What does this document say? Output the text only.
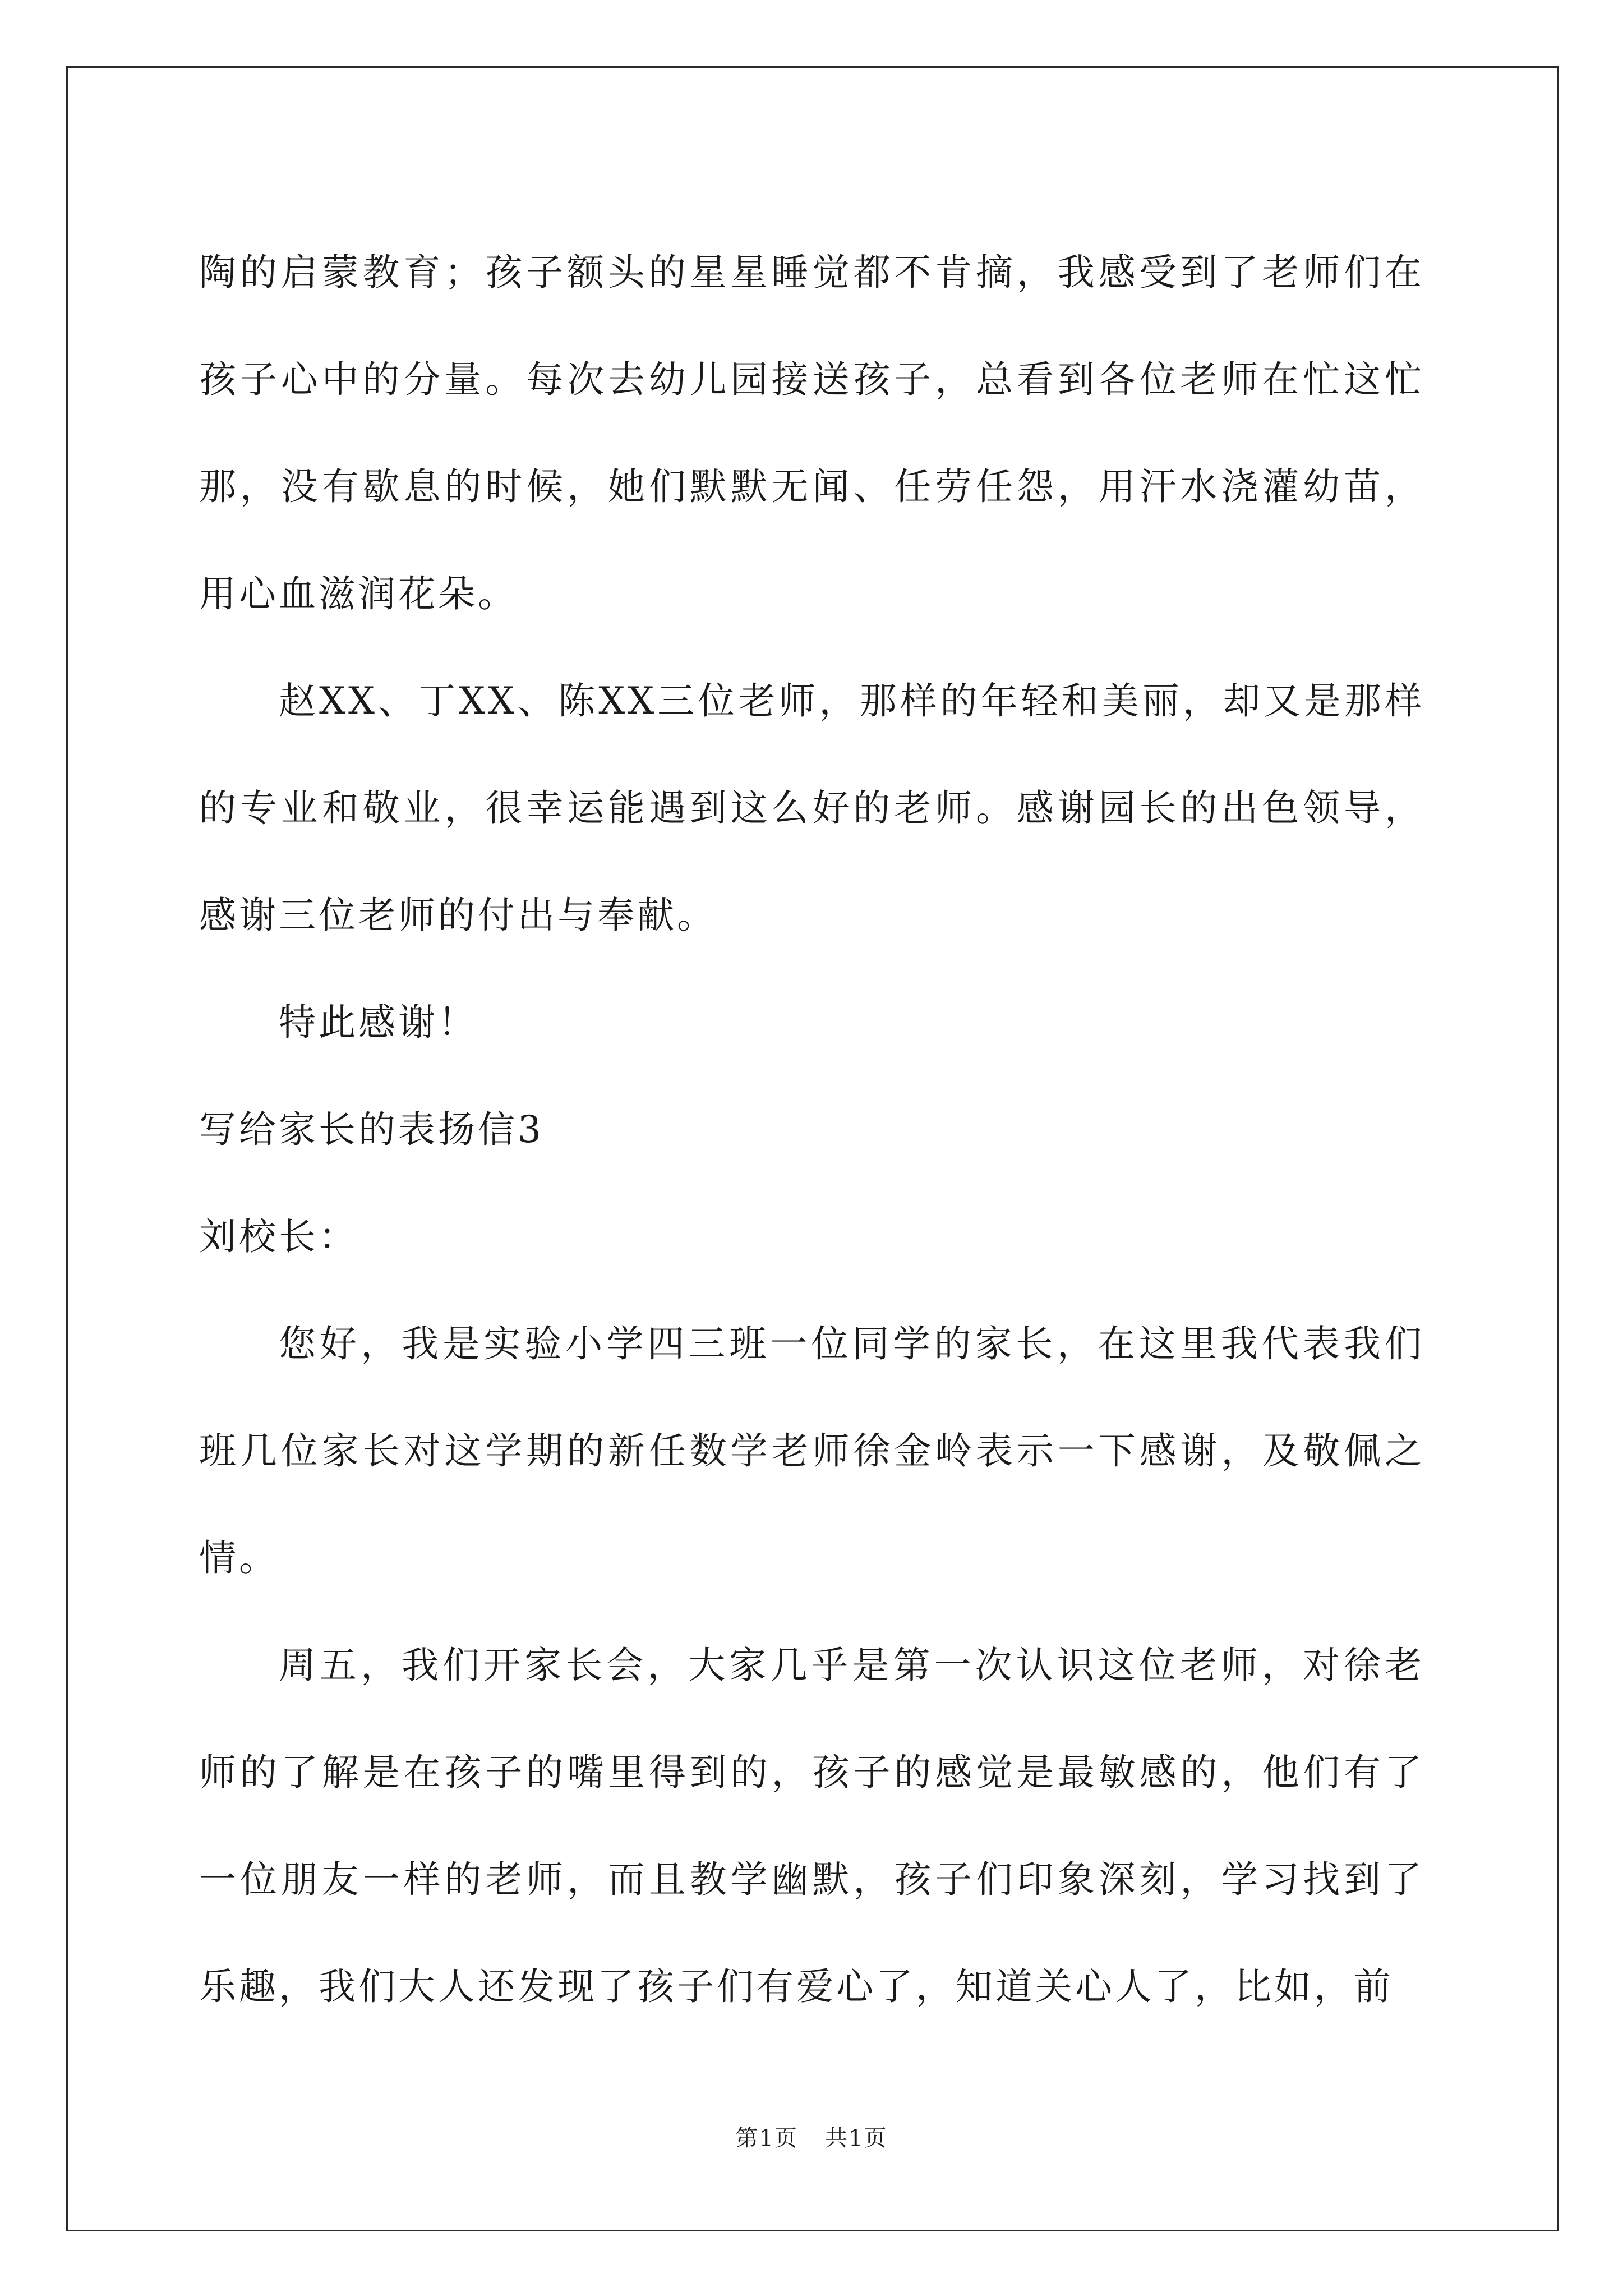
陶的启蒙教育；孩子额头的星星睡觉都不肯摘，我感受到了老师们在孩子心中的分量。每次去幼儿园接送孩子，总看到各位老师在忙这忙那，没有歇息的时候，她们默默无闻、任劳任怨，用汗水浇灌幼苗，用心血滋润花朵。

赵XX、丁XX、陈XX三位老师，那样的年轻和美丽，却又是那样的专业和敬业，很幸运能遇到这么好的老师。感谢园长的出色领导，感谢三位老师的付出与奉献。

特此感谢！

写给家长的表扬信3

刘校长：

您好，我是实验小学四三班一位同学的家长，在这里我代表我们班几位家长对这学期的新任数学老师徐金岭表示一下感谢，及敬佩之情。

周五，我们开家长会，大家几乎是第一次认识这位老师，对徐老师的了解是在孩子的嘴里得到的，孩子的感觉是最敏感的，他们有了一位朋友一样的老师，而且教学幽默，孩子们印象深刻，学习找到了乐趣，我们大人还发现了孩子们有爱心了，知道关心人了，比如，前

第1页 共1页
